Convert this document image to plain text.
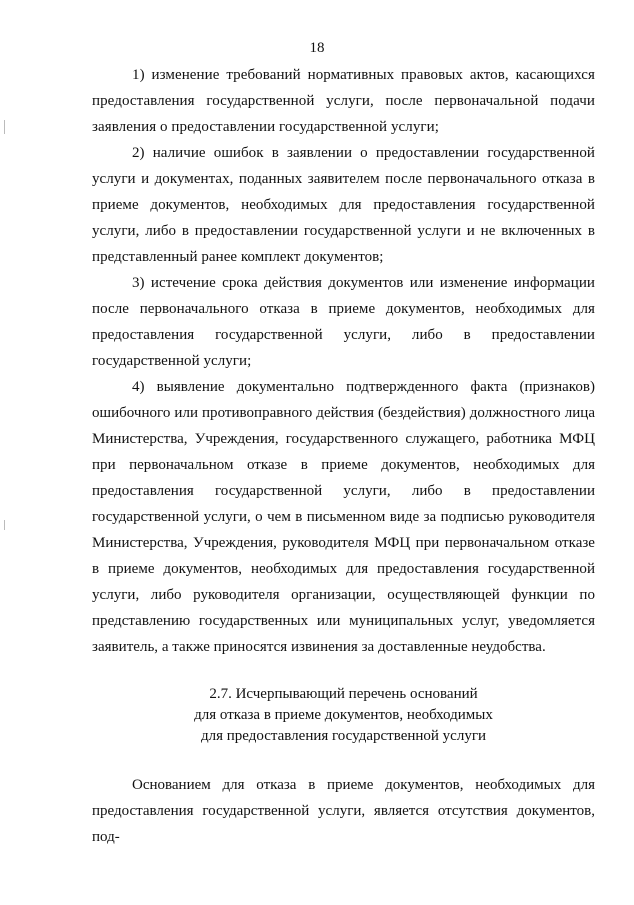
18

1) изменение требований нормативных правовых актов, касающихся предоставления государственной услуги, после первоначальной подачи заявления о предоставлении государственной услуги;

2) наличие ошибок в заявлении о предоставлении государственной услуги и документах, поданных заявителем после первоначального отказа в приеме документов, необходимых для предоставления государственной услуги, либо в предоставлении государственной услуги и не включенных в представленный ранее комплект документов;

3) истечение срока действия документов или изменение информации после первоначального отказа в приеме документов, необходимых для предоставления государственной услуги, либо в предоставлении государственной услуги;

4) выявление документально подтвержденного факта (признаков) ошибочного или противоправного действия (бездействия) должностного лица Министерства, Учреждения, государственного служащего, работника МФЦ при первоначальном отказе в приеме документов, необходимых для предоставления государственной услуги, либо в предоставлении государственной услуги, о чем в письменном виде за подписью руководителя Министерства, Учреждения, руководителя МФЦ при первоначальном отказе в приеме документов, необходимых для предоставления государственной услуги, либо руководителя организации, осуществляющей функции по представлению государственных или муниципальных услуг, уведомляется заявитель, а также приносятся извинения за доставленные неудобства.

2.7. Исчерпывающий перечень оснований
для отказа в приеме документов, необходимых
для предоставления государственной услуги

Основанием для отказа в приеме документов, необходимых для предоставления государственной услуги, является отсутствия документов, под-
